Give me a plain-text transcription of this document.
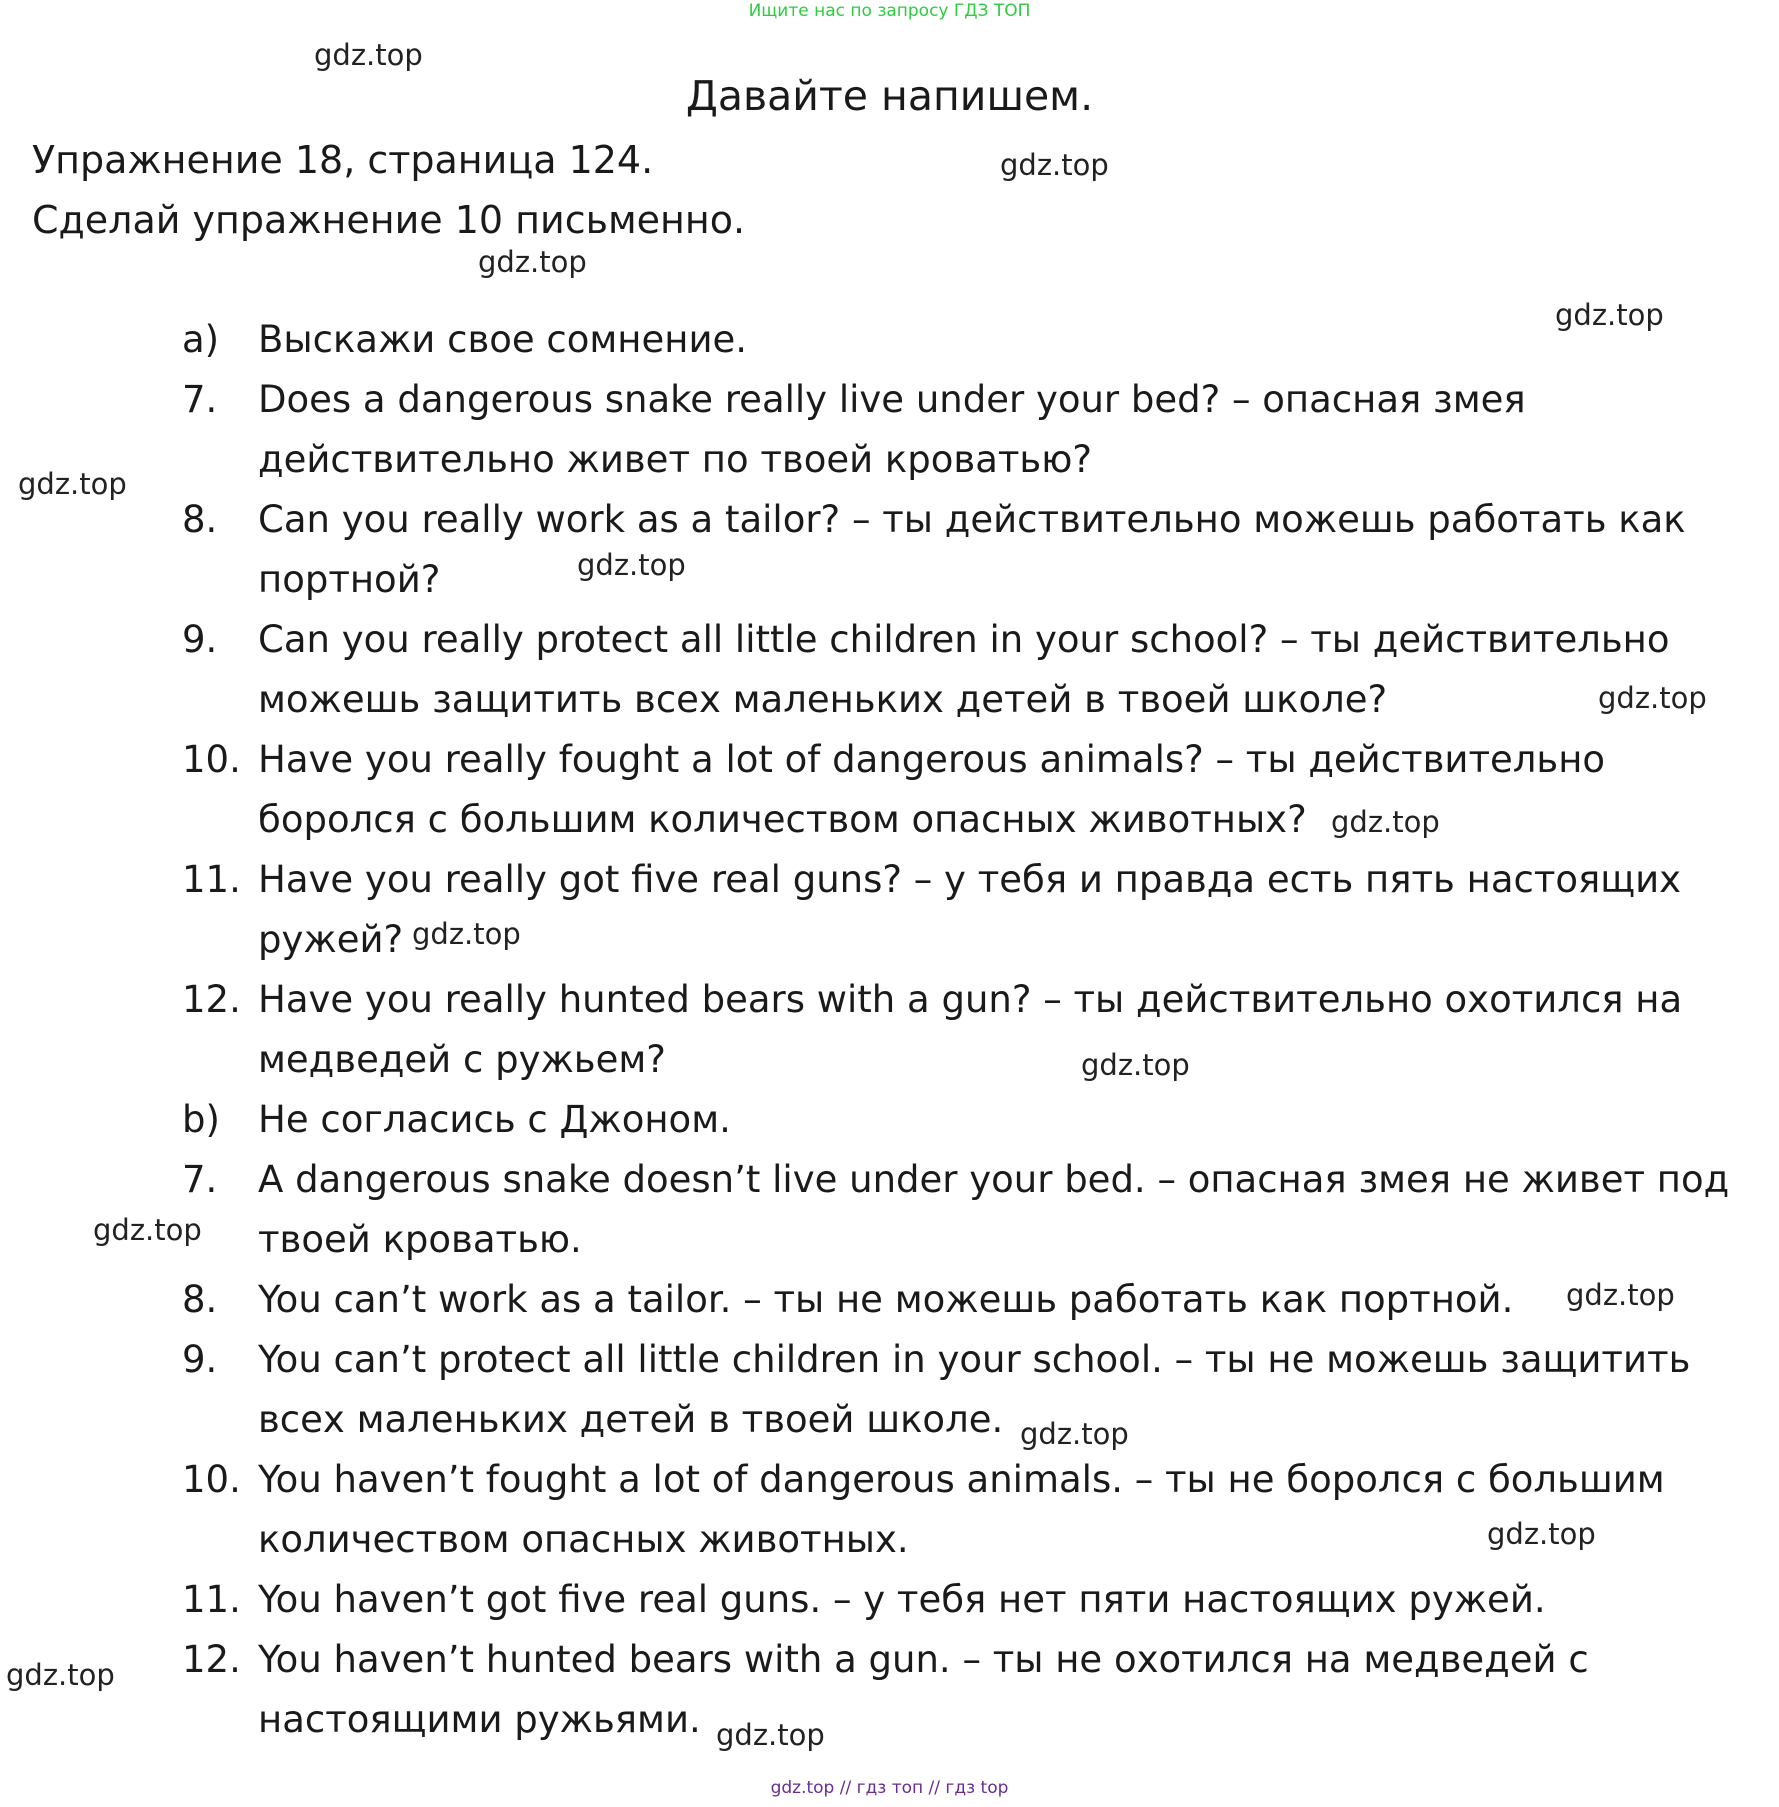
Ищите нас по запросу ГДЗ ТОП
gdz.top
Давайте напишем.
Упражнение 18, страница 124.	gdz.top
Сделай упражнение 10 письменно.
gdz.top
gdz.top
a) Выскажи свое сомнение.
7. Does a dangerous snake really live under your bed? – опасная змея
действительно живет по твоей кроватью?
gdz.top
8. Can you really work as a tailor? – ты действительно можешь работать как
портной?	gdz.top
9. Can you really protect all little children in your school? – ты действительно
можешь защитить всех маленьких детей в твоей школе?	gdz.top
10. Have you really fought a lot of dangerous animals? – ты действительно
боролся с большим количеством опасных животных? gdz.top
11. Have you really got five real guns? – у тебя и правда есть пять настоящих
ружей? gdz.top
12. Have you really hunted bears with a gun? – ты действительно охотился на
медведей с ружьем?	gdz.top
b) Не согласись с Джоном.
7. A dangerous snake doesn’t live under your bed. – опасная змея не живет под
твоей кроватью.
gdz.top
8. You can’t work as a tailor. – ты не можешь работать как портной. gdz.top
9. You can’t protect all little children in your school. – ты не можешь защитить
всех маленьких детей в твоей школе. gdz.top
10. You haven’t fought a lot of dangerous animals. – ты не боролся с большим
количеством опасных животных.	gdz.top
11. You haven’t got five real guns. – у тебя нет пяти настоящих ружей.
12. You haven’t hunted bears with a gun. – ты не охотился на медведей с
gdz.top
настоящими ружьями. gdz.top
gdz.top // гдз топ // гдз top
